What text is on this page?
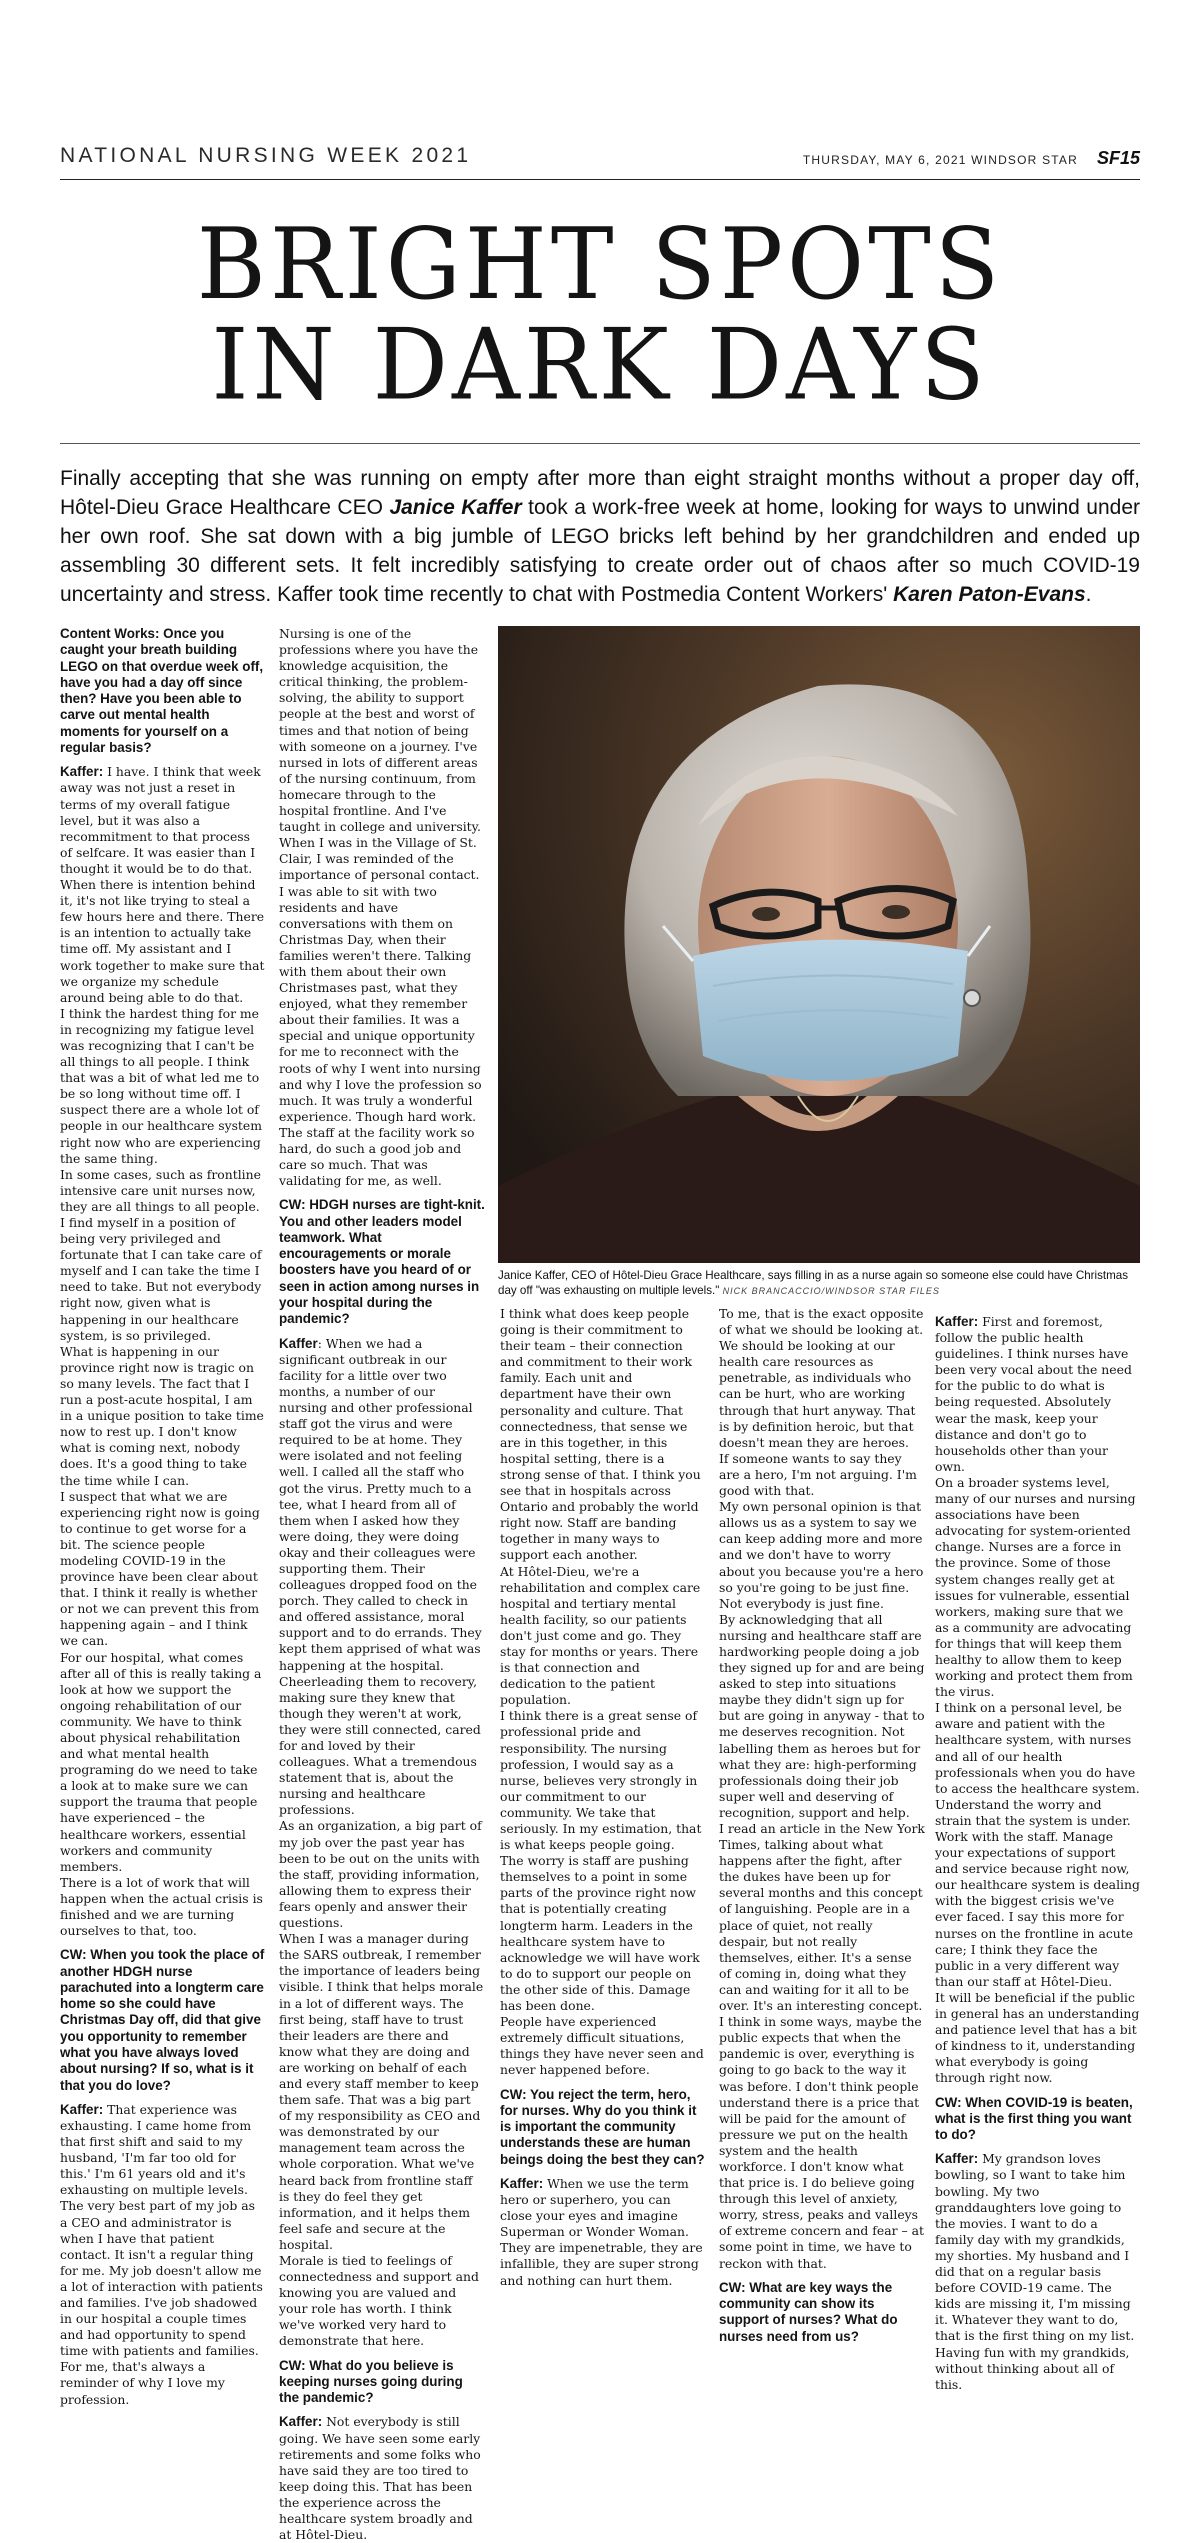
NATIONAL NURSING WEEK 2021	THURSDAY, MAY 6, 2021 WINDSOR STAR SF15
BRIGHT SPOTS
IN DARK DAYS

Finally accepting that she was running on empty after more than eight straight months without a proper day off, Hôtel-Dieu Grace Healthcare CEO Janice Kaffer took a work-free week at home, looking for ways to unwind under her own roof. She sat down with a big jumble of LEGO bricks left behind by her grandchildren and ended up assembling 30 different sets. It felt incredibly satisfying to create order out of chaos after so much COVID-19 uncertainty and stress. Kaffer took time recently to chat with Postmedia Content Workers' Karen Paton-Evans.

Janice Kaffer, CEO of Hôtel-Dieu Grace Healthcare, says filling in as a nurse again so someone else could have Christmas day off "was exhausting on multiple levels." NICK BRANCACCIO/WINDSOR STAR FILES

Content Works: Once you caught your breath building LEGO on that overdue week off, have you had a day off since then? Have you been able to carve out mental health moments for yourself on a regular basis?

Kaffer: I have. I think that week away was not just a reset in terms of my overall fatigue level, but it was also a recommitment to that process of selfcare. It was easier than I thought it would be to do that. When there is intention behind it, it's not like trying to steal a few hours here and there. There is an intention to actually take time off. My assistant and I work together to make sure that we organize my schedule around being able to do that.

I think the hardest thing for me in recognizing my fatigue level was recognizing that I can't be all things to all people. I think that was a bit of what led me to be so long without time off. I suspect there are a whole lot of people in our healthcare system right now who are experiencing the same thing.

In some cases, such as frontline intensive care unit nurses now, they are all things to all people. I find myself in a position of being very privileged and fortunate that I can take care of myself and I can take the time I need to take. But not everybody right now, given what is happening in our healthcare system, is so privileged.

What is happening in our province right now is tragic on so many levels. The fact that I run a post-acute hospital, I am in a unique position to take time now to rest up. I don't know what is coming next, nobody does. It's a good thing to take the time while I can.

I suspect that what we are experiencing right now is going to continue to get worse for a bit. The science people modeling COVID-19 in the province have been clear about that. I think it really is whether or not we can prevent this from happening again – and I think we can.

For our hospital, what comes after all of this is really taking a look at how we support the ongoing rehabilitation of our community. We have to think about physical rehabilitation and what mental health programing do we need to take a look at to make sure we can support the trauma that people have experienced – the healthcare workers, essential workers and community members.

There is a lot of work that will happen when the actual crisis is finished and we are turning ourselves to that, too.

CW: When you took the place of another HDGH nurse parachuted into a longterm care home so she could have Christmas Day off, did that give you opportunity to remember what you have always loved about nursing? If so, what is it that you do love?

Kaffer: That experience was exhausting. I came home from that first shift and said to my husband, 'I'm far too old for this.' I'm 61 years old and it's exhausting on multiple levels.

The very best part of my job as a CEO and administrator is when I have that patient contact. It isn't a regular thing for me. My job doesn't allow me a lot of interaction with patients and families. I've job shadowed in our hospital a couple times and had opportunity to spend time with patients and families. For me, that's always a reminder of why I love my profession.

Nursing is one of the professions where you have the knowledge acquisition, the critical thinking, the problem-solving, the ability to support people at the best and worst of times and that notion of being with someone on a journey. I've nursed in lots of different areas of the nursing continuum, from homecare through to the hospital frontline. And I've taught in college and university. When I was in the Village of St. Clair, I was reminded of the importance of personal contact. I was able to sit with two residents and have conversations with them on Christmas Day, when their families weren't there. Talking with them about their own Christmases past, what they enjoyed, what they remember about their families. It was a special and unique opportunity for me to reconnect with the roots of why I went into nursing and why I love the profession so much. It was truly a wonderful experience. Though hard work. The staff at the facility work so hard, do such a good job and care so much. That was validating for me, as well.

CW: HDGH nurses are tight-knit. You and other leaders model teamwork. What encouragements or morale boosters have you heard of or seen in action among nurses in your hospital during the pandemic?

Kaffer: When we had a significant outbreak in our facility for a little over two months, a number of our nursing and other professional staff got the virus and were required to be at home. They were isolated and not feeling well. I called all the staff who got the virus. Pretty much to a tee, what I heard from all of them when I asked how they were doing, they were doing okay and their colleagues were supporting them. Their colleagues dropped food on the porch. They called to check in and offered assistance, moral support and to do errands. They kept them apprised of what was happening at the hospital. Cheerleading them to recovery, making sure they knew that though they weren't at work, they were still connected, cared for and loved by their colleagues. What a tremendous statement that is, about the nursing and healthcare professions.

As an organization, a big part of my job over the past year has been to be out on the units with the staff, providing information, allowing them to express their fears openly and answer their questions.

When I was a manager during the SARS outbreak, I remember the importance of leaders being visible. I think that helps morale in a lot of different ways. The first being, staff have to trust their leaders are there and know what they are doing and are working on behalf of each and every staff member to keep them safe. That was a big part of my responsibility as CEO and was demonstrated by our management team across the whole corporation. What we've heard back from frontline staff is they do feel they get information, and it helps them feel safe and secure at the hospital.

Morale is tied to feelings of connectedness and support and knowing you are valued and your role has worth. I think we've worked very hard to demonstrate that here.

CW: What do you believe is keeping nurses going during the pandemic?

Kaffer: Not everybody is still going. We have seen some early retirements and some folks who have said they are too tired to keep doing this. That has been the experience across the healthcare system broadly and at Hôtel-Dieu.

I think what does keep people going is their commitment to their team – their connection and commitment to their work family. Each unit and department have their own personality and culture. That connectedness, that sense we are in this together, in this hospital setting, there is a strong sense of that. I think you see that in hospitals across Ontario and probably the world right now. Staff are banding together in many ways to support each another.

At Hôtel-Dieu, we're a rehabilitation and complex care hospital and tertiary mental health facility, so our patients don't just come and go. They stay for months or years. There is that connection and dedication to the patient population.

I think there is a great sense of professional pride and responsibility. The nursing profession, I would say as a nurse, believes very strongly in our commitment to our community. We take that seriously. In my estimation, that is what keeps people going.

The worry is staff are pushing themselves to a point in some parts of the province right now that is potentially creating longterm harm. Leaders in the healthcare system have to acknowledge we will have work to do to support our people on the other side of this. Damage has been done.

People have experienced extremely difficult situations, things they have never seen and never happened before.

CW: You reject the term, hero, for nurses. Why do you think it is important the community understands these are human beings doing the best they can?

Kaffer: When we use the term hero or superhero, you can close your eyes and imagine Superman or Wonder Woman. They are impenetrable, they are infallible, they are super strong and nothing can hurt them.

To me, that is the exact opposite of what we should be looking at. We should be looking at our health care resources as penetrable, as individuals who can be hurt, who are working through that hurt anyway. That is by definition heroic, but that doesn't mean they are heroes.

If someone wants to say they are a hero, I'm not arguing. I'm good with that.

My own personal opinion is that allows us as a system to say we can keep adding more and more and we don't have to worry about you because you're a hero so you're going to be just fine. Not everybody is just fine.

By acknowledging that all nursing and healthcare staff are hardworking people doing a job they signed up for and are being asked to step into situations maybe they didn't sign up for but are going in anyway - that to me deserves recognition. Not labelling them as heroes but for what they are: high-performing professionals doing their job super well and deserving of recognition, support and help.

I read an article in the New York Times, talking about what happens after the fight, after the dukes have been up for several months and this concept of languishing. People are in a place of quiet, not really despair, but not really themselves, either. It's a sense of coming in, doing what they can and waiting for it all to be over. It's an interesting concept.

I think in some ways, maybe the public expects that when the pandemic is over, everything is going to go back to the way it was before. I don't think people understand there is a price that will be paid for the amount of pressure we put on the health system and the health workforce. I don't know what that price is. I do believe going through this level of anxiety, worry, stress, peaks and valleys of extreme concern and fear – at some point in time, we have to reckon with that.

CW: What are key ways the community can show its support of nurses? What do nurses need from us?

Kaffer: First and foremost, follow the public health guidelines. I think nurses have been very vocal about the need for the public to do what is being requested. Absolutely wear the mask, keep your distance and don't go to households other than your own.

On a broader systems level, many of our nurses and nursing associations have been advocating for system-oriented change. Nurses are a force in the province. Some of those system changes really get at issues for vulnerable, essential workers, making sure that we as a community are advocating for things that will keep them healthy to allow them to keep working and protect them from the virus.

I think on a personal level, be aware and patient with the healthcare system, with nurses and all of our health professionals when you do have to access the healthcare system. Understand the worry and strain that the system is under. Work with the staff. Manage your expectations of support and service because right now, our healthcare system is dealing with the biggest crisis we've ever faced. I say this more for nurses on the frontline in acute care; I think they face the public in a very different way than our staff at Hôtel-Dieu.

It will be beneficial if the public in general has an understanding and patience level that has a bit of kindness to it, understanding what everybody is going through right now.

CW: When COVID-19 is beaten, what is the first thing you want to do?

Kaffer: My grandson loves bowling, so I want to take him bowling. My two granddaughters love going to the movies. I want to do a family day with my grandkids, my shorties. My husband and I did that on a regular basis before COVID-19 came. The kids are missing it, I'm missing it. Whatever they want to do, that is the first thing on my list. Having fun with my grandkids, without thinking about all of this.
